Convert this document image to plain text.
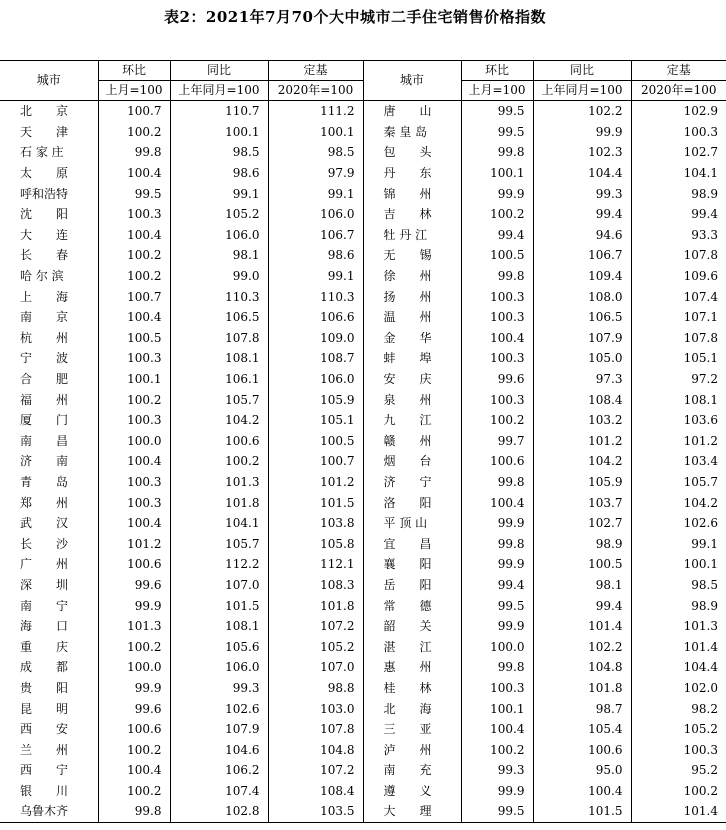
表2：2021年7月70个大中城市二手住宅销售价格指数
城市	环比	同比	定基	城市	环比	同比	定基
	上月=100	上年同月=100	2020年=100		上月=100	上年同月=100	2020年=100
北　　京	100.7	110.7	111.2	唐　　山	99.5	102.2	102.9
天　　津	100.2	100.1	100.1	秦 皇 岛	99.5	99.9	100.3
石 家 庄	99.8	98.5	98.5	包　　头	99.8	102.3	102.7
太　　原	100.4	98.6	97.9	丹　　东	100.1	104.4	104.1
呼和浩特	99.5	99.1	99.1	锦　　州	99.9	99.3	98.9
沈　　阳	100.3	105.2	106.0	吉　　林	100.2	99.4	99.4
大　　连	100.4	106.0	106.7	牡 丹 江	99.4	94.6	93.3
长　　春	100.2	98.1	98.6	无　　锡	100.5	106.7	107.8
哈 尔 滨	100.2	99.0	99.1	徐　　州	99.8	109.4	109.6
上　　海	100.7	110.3	110.3	扬　　州	100.3	108.0	107.4
南　　京	100.4	106.5	106.6	温　　州	100.3	106.5	107.1
杭　　州	100.5	107.8	109.0	金　　华	100.4	107.9	107.8
宁　　波	100.3	108.1	108.7	蚌　　埠	100.3	105.0	105.1
合　　肥	100.1	106.1	106.0	安　　庆	99.6	97.3	97.2
福　　州	100.2	105.7	105.9	泉　　州	100.3	108.4	108.1
厦　　门	100.3	104.2	105.1	九　　江	100.2	103.2	103.6
南　　昌	100.0	100.6	100.5	赣　　州	99.7	101.2	101.2
济　　南	100.4	100.2	100.7	烟　　台	100.6	104.2	103.4
青　　岛	100.3	101.3	101.2	济　　宁	99.8	105.9	105.7
郑　　州	100.3	101.8	101.5	洛　　阳	100.4	103.7	104.2
武　　汉	100.4	104.1	103.8	平 顶 山	99.9	102.7	102.6
长　　沙	101.2	105.7	105.8	宜　　昌	99.8	98.9	99.1
广　　州	100.6	112.2	112.1	襄　　阳	99.9	100.5	100.1
深　　圳	99.6	107.0	108.3	岳　　阳	99.4	98.1	98.5
南　　宁	99.9	101.5	101.8	常　　德	99.5	99.4	98.9
海　　口	101.3	108.1	107.2	韶　　关	99.9	101.4	101.3
重　　庆	100.2	105.6	105.2	湛　　江	100.0	102.2	101.4
成　　都	100.0	106.0	107.0	惠　　州	99.8	104.8	104.4
贵　　阳	99.9	99.3	98.8	桂　　林	100.3	101.8	102.0
昆　　明	99.6	102.6	103.0	北　　海	100.1	98.7	98.2
西　　安	100.6	107.9	107.8	三　　亚	100.4	105.4	105.2
兰　　州	100.2	104.6	104.8	泸　　州	100.2	100.6	100.3
西　　宁	100.4	106.2	107.2	南　　充	99.3	95.0	95.2
银　　川	100.2	107.4	108.4	遵　　义	99.9	100.4	100.2
乌鲁木齐	99.8	102.8	103.5	大　　理	99.5	101.5	101.4
